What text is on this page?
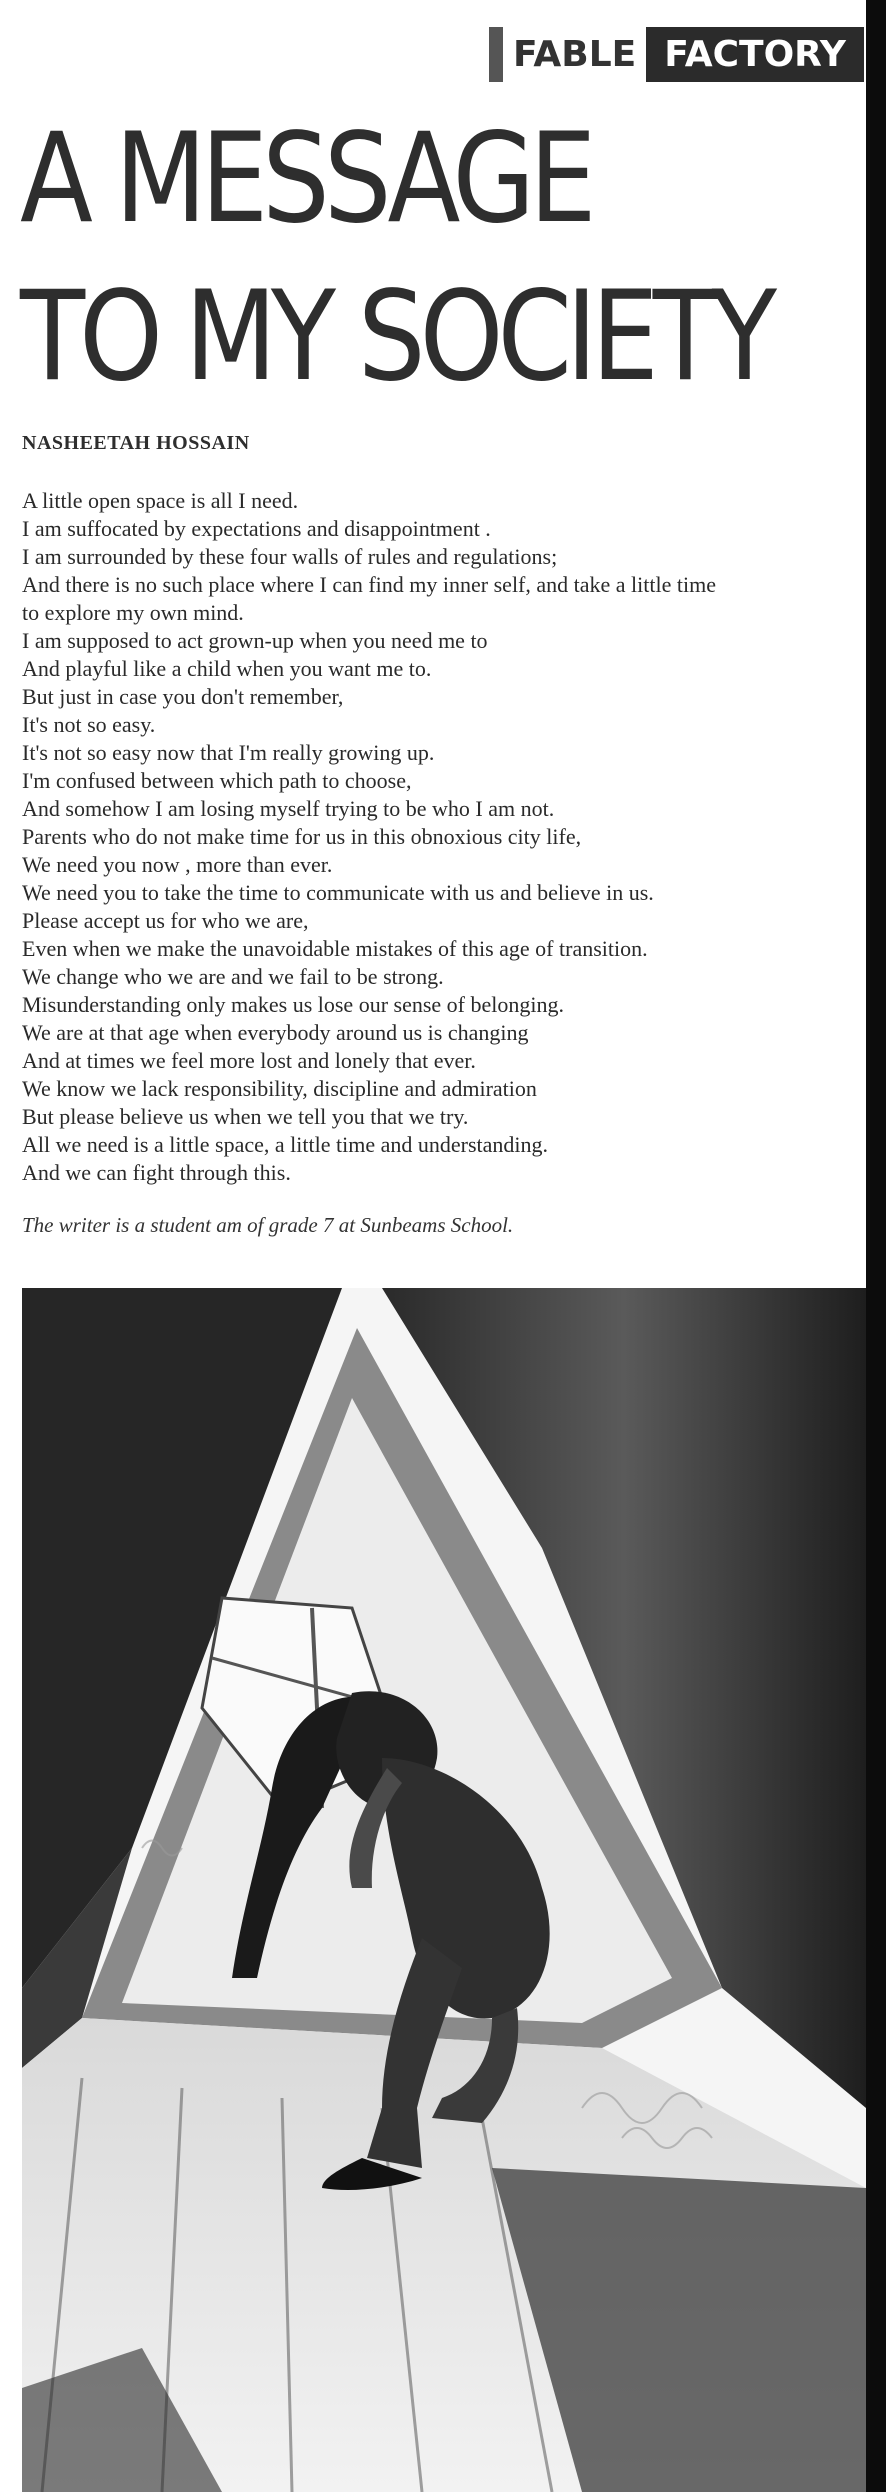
FABLE FACTORY
A MESSAGE
TO MY SOCIETY

NASHEETAH HOSSAIN

A little open space is all I need.
I am suffocated by expectations and disappointment .
I am surrounded by these four walls of rules and regulations;
And there is no such place where I can find my inner self, and take a little time
to explore my own mind.
I am supposed to act grown-up when you need me to
And playful like a child when you want me to.
But just in case you don't remember,
It's not so easy.
It's not so easy now that I'm really growing up.
I'm confused between which path to choose,
And somehow I am losing myself trying to be who I am not.
Parents who do not make time for us in this obnoxious city life,
We need you now , more than ever.
We need you to take the time to communicate with us and believe in us.
Please accept us for who we are,
Even when we make the unavoidable mistakes of this age of transition.
We change who we are and we fail to be strong.
Misunderstanding only makes us lose our sense of belonging.
We are at that age when everybody around us is changing
And at times we feel more lost and lonely that ever.
We know we lack responsibility, discipline and admiration
But please believe us when we tell you that we try.
All we need is a little space, a little time and understanding.
And we can fight through this.

The writer is a student am of grade 7 at Sunbeams School.
